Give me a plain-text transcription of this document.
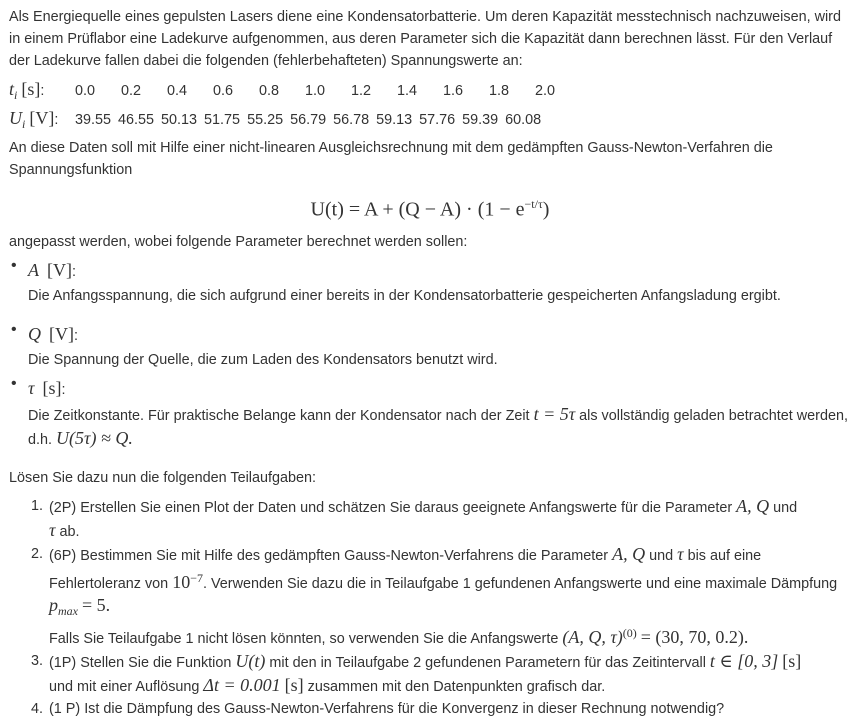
Als Energiequelle eines gepulsten Lasers diene eine Kondensatorbatterie. Um deren Kapazität messtechnisch nachzuweisen, wird in einem Prüflabor eine Ladekurve aufgenommen, aus deren Parameter sich die Kapazität dann berechnen lässt. Für den Verlauf der Ladekurve fallen dabei die folgenden (fehlerbehafteten) Spannungswerte an:

$t_i$ [s]:	0.0 0.2 0.4 0.6 0.8 1.0 1.2 1.4 1.6 1.8 2.0
$U_i$ [V]:	39.55 46.55 50.13 51.75 55.25 56.79 56.78 59.13 57.76 59.39 60.08

An diese Daten soll mit Hilfe einer nicht-linearen Ausgleichsrechnung mit dem gedämpften Gauss-Newton-Verfahren die Spannungsfunktion

$U(t) = A + (Q - A) \cdot (1 - e^{-t/\tau})$

angepasst werden, wobei folgende Parameter berechnet werden sollen:

• A [V]:
Die Anfangsspannung, die sich aufgrund einer bereits in der Kondensatorbatterie gespeicherten Anfangsladung ergibt.
• Q [V]:
Die Spannung der Quelle, die zum Laden des Kondensators benutzt wird.
• τ [s]:
Die Zeitkonstante. Für praktische Belange kann der Kondensator nach der Zeit t = 5τ als vollständig geladen betrachtet werden, d.h. U(5τ) ≈ Q.

Lösen Sie dazu nun die folgenden Teilaufgaben:

1. (2P) Erstellen Sie einen Plot der Daten und schätzen Sie daraus geeignete Anfangswerte für die Parameter A, Q und
τ ab.
2. (6P) Bestimmen Sie mit Hilfe des gedämpften Gauss-Newton-Verfahrens die Parameter A, Q und τ bis auf eine Fehlertoleranz von $10^{-7}$. Verwenden Sie dazu die in Teilaufgabe 1 gefundenen Anfangswerte und eine maximale Dämpfung $p_{max} = 5$.
Falls Sie Teilaufgabe 1 nicht lösen könnten, so verwenden Sie die Anfangswerte (A, Q, τ)$^{(0)}$ = (30, 70, 0.2).
3. (1P) Stellen Sie die Funktion U(t) mit den in Teilaufgabe 2 gefundenen Parametern für das Zeitintervall t ∈ [0, 3] [s]
und mit einer Auflösung Δt = 0.001 [s] zusammen mit den Datenpunkten grafisch dar.
4. (1 P) Ist die Dämpfung des Gauss-Newton-Verfahrens für die Konvergenz in dieser Rechnung notwendig?
